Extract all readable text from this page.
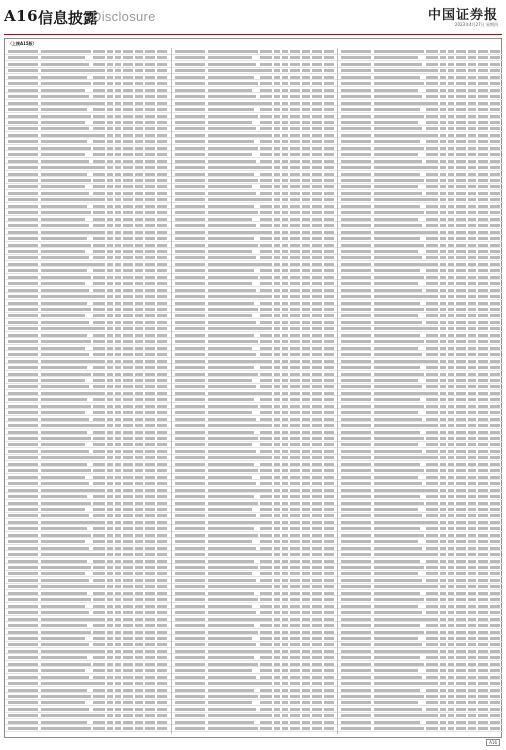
A16 信息披露
Disclosure	中国证券报
2023年4月27日 星期四
（上接A15版）
A16
